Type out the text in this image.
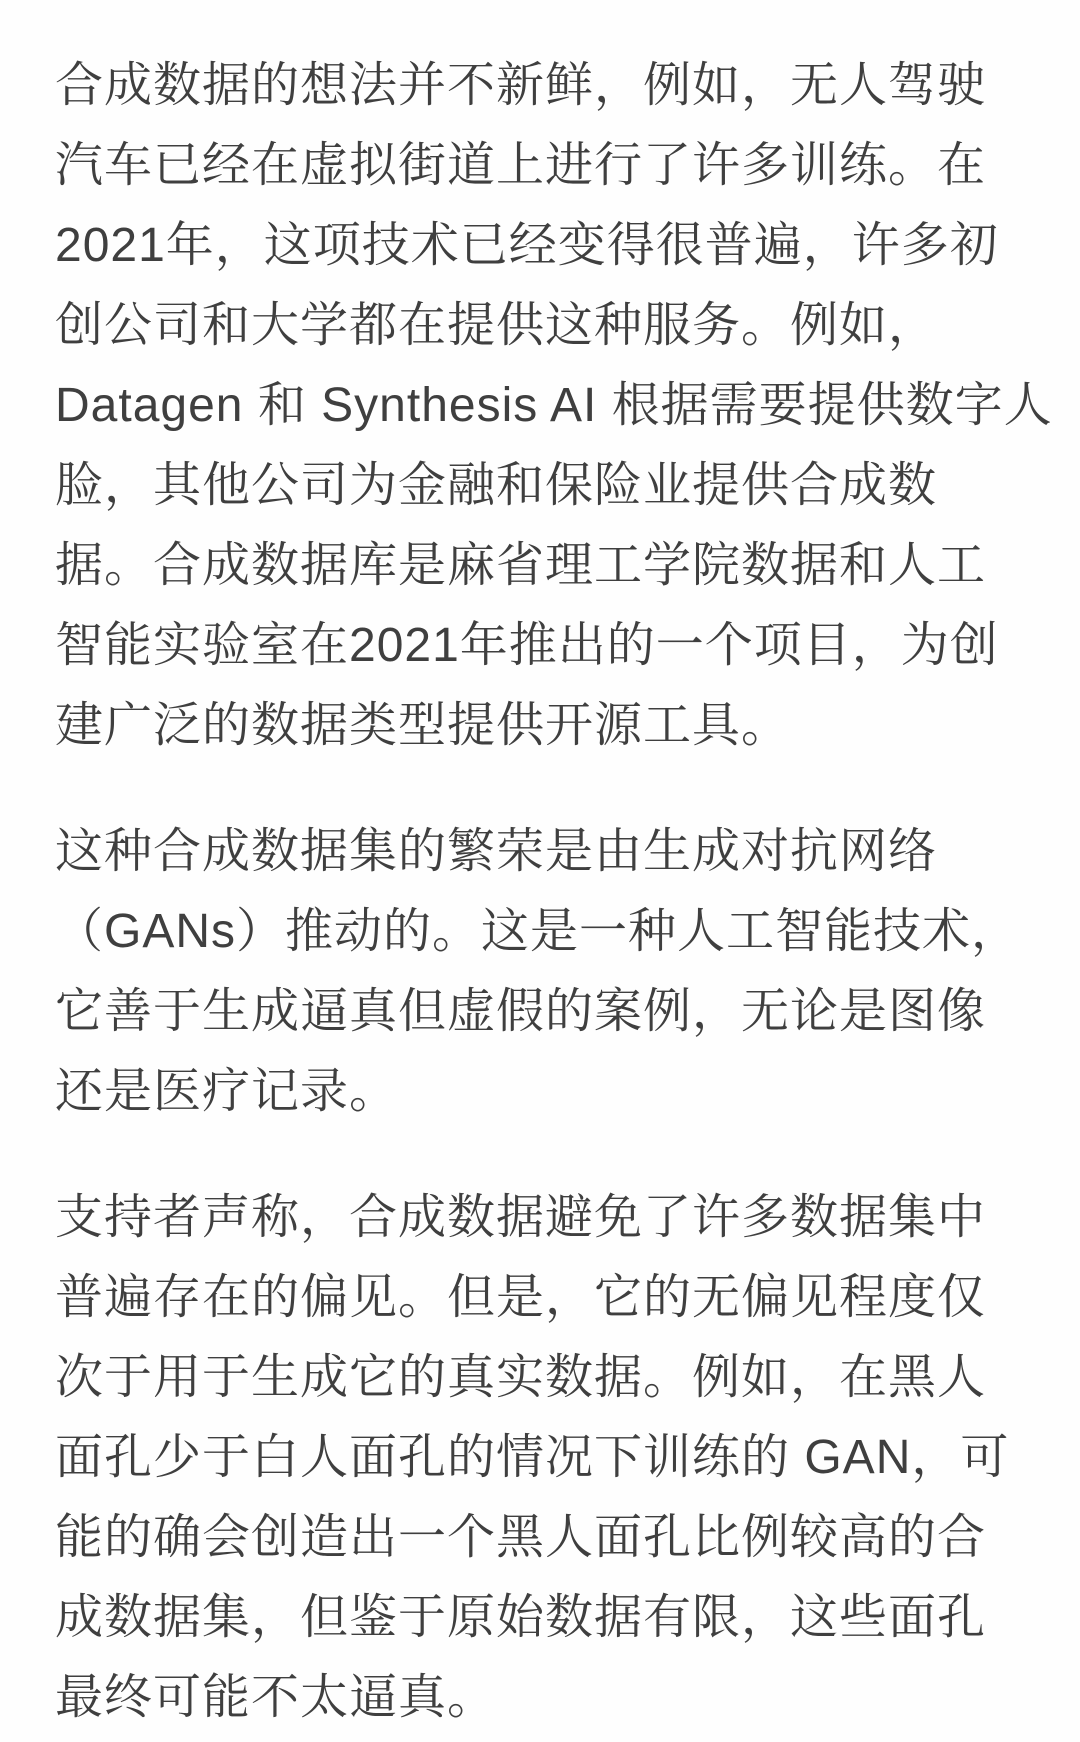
合成数据的想法并不新鲜，例如，无人驾驶
汽车已经在虚拟街道上进行了许多训练。在
2021年，这项技术已经变得很普遍，许多初
创公司和大学都在提供这种服务。例如，
Datagen 和 Synthesis AI 根据需要提供数字人
脸，其他公司为金融和保险业提供合成数
据。合成数据库是麻省理工学院数据和人工
智能实验室在2021年推出的一个项目，为创
建广泛的数据类型提供开源工具。
这种合成数据集的繁荣是由生成对抗网络
（GANs）推动的。这是一种人工智能技术，
它善于生成逼真但虚假的案例，无论是图像
还是医疗记录。
支持者声称，合成数据避免了许多数据集中
普遍存在的偏见。但是，它的无偏见程度仅
次于用于生成它的真实数据。例如，在黑人
面孔少于白人面孔的情况下训练的 GAN，可
能的确会创造出一个黑人面孔比例较高的合
成数据集，但鉴于原始数据有限，这些面孔
最终可能不太逼真。
